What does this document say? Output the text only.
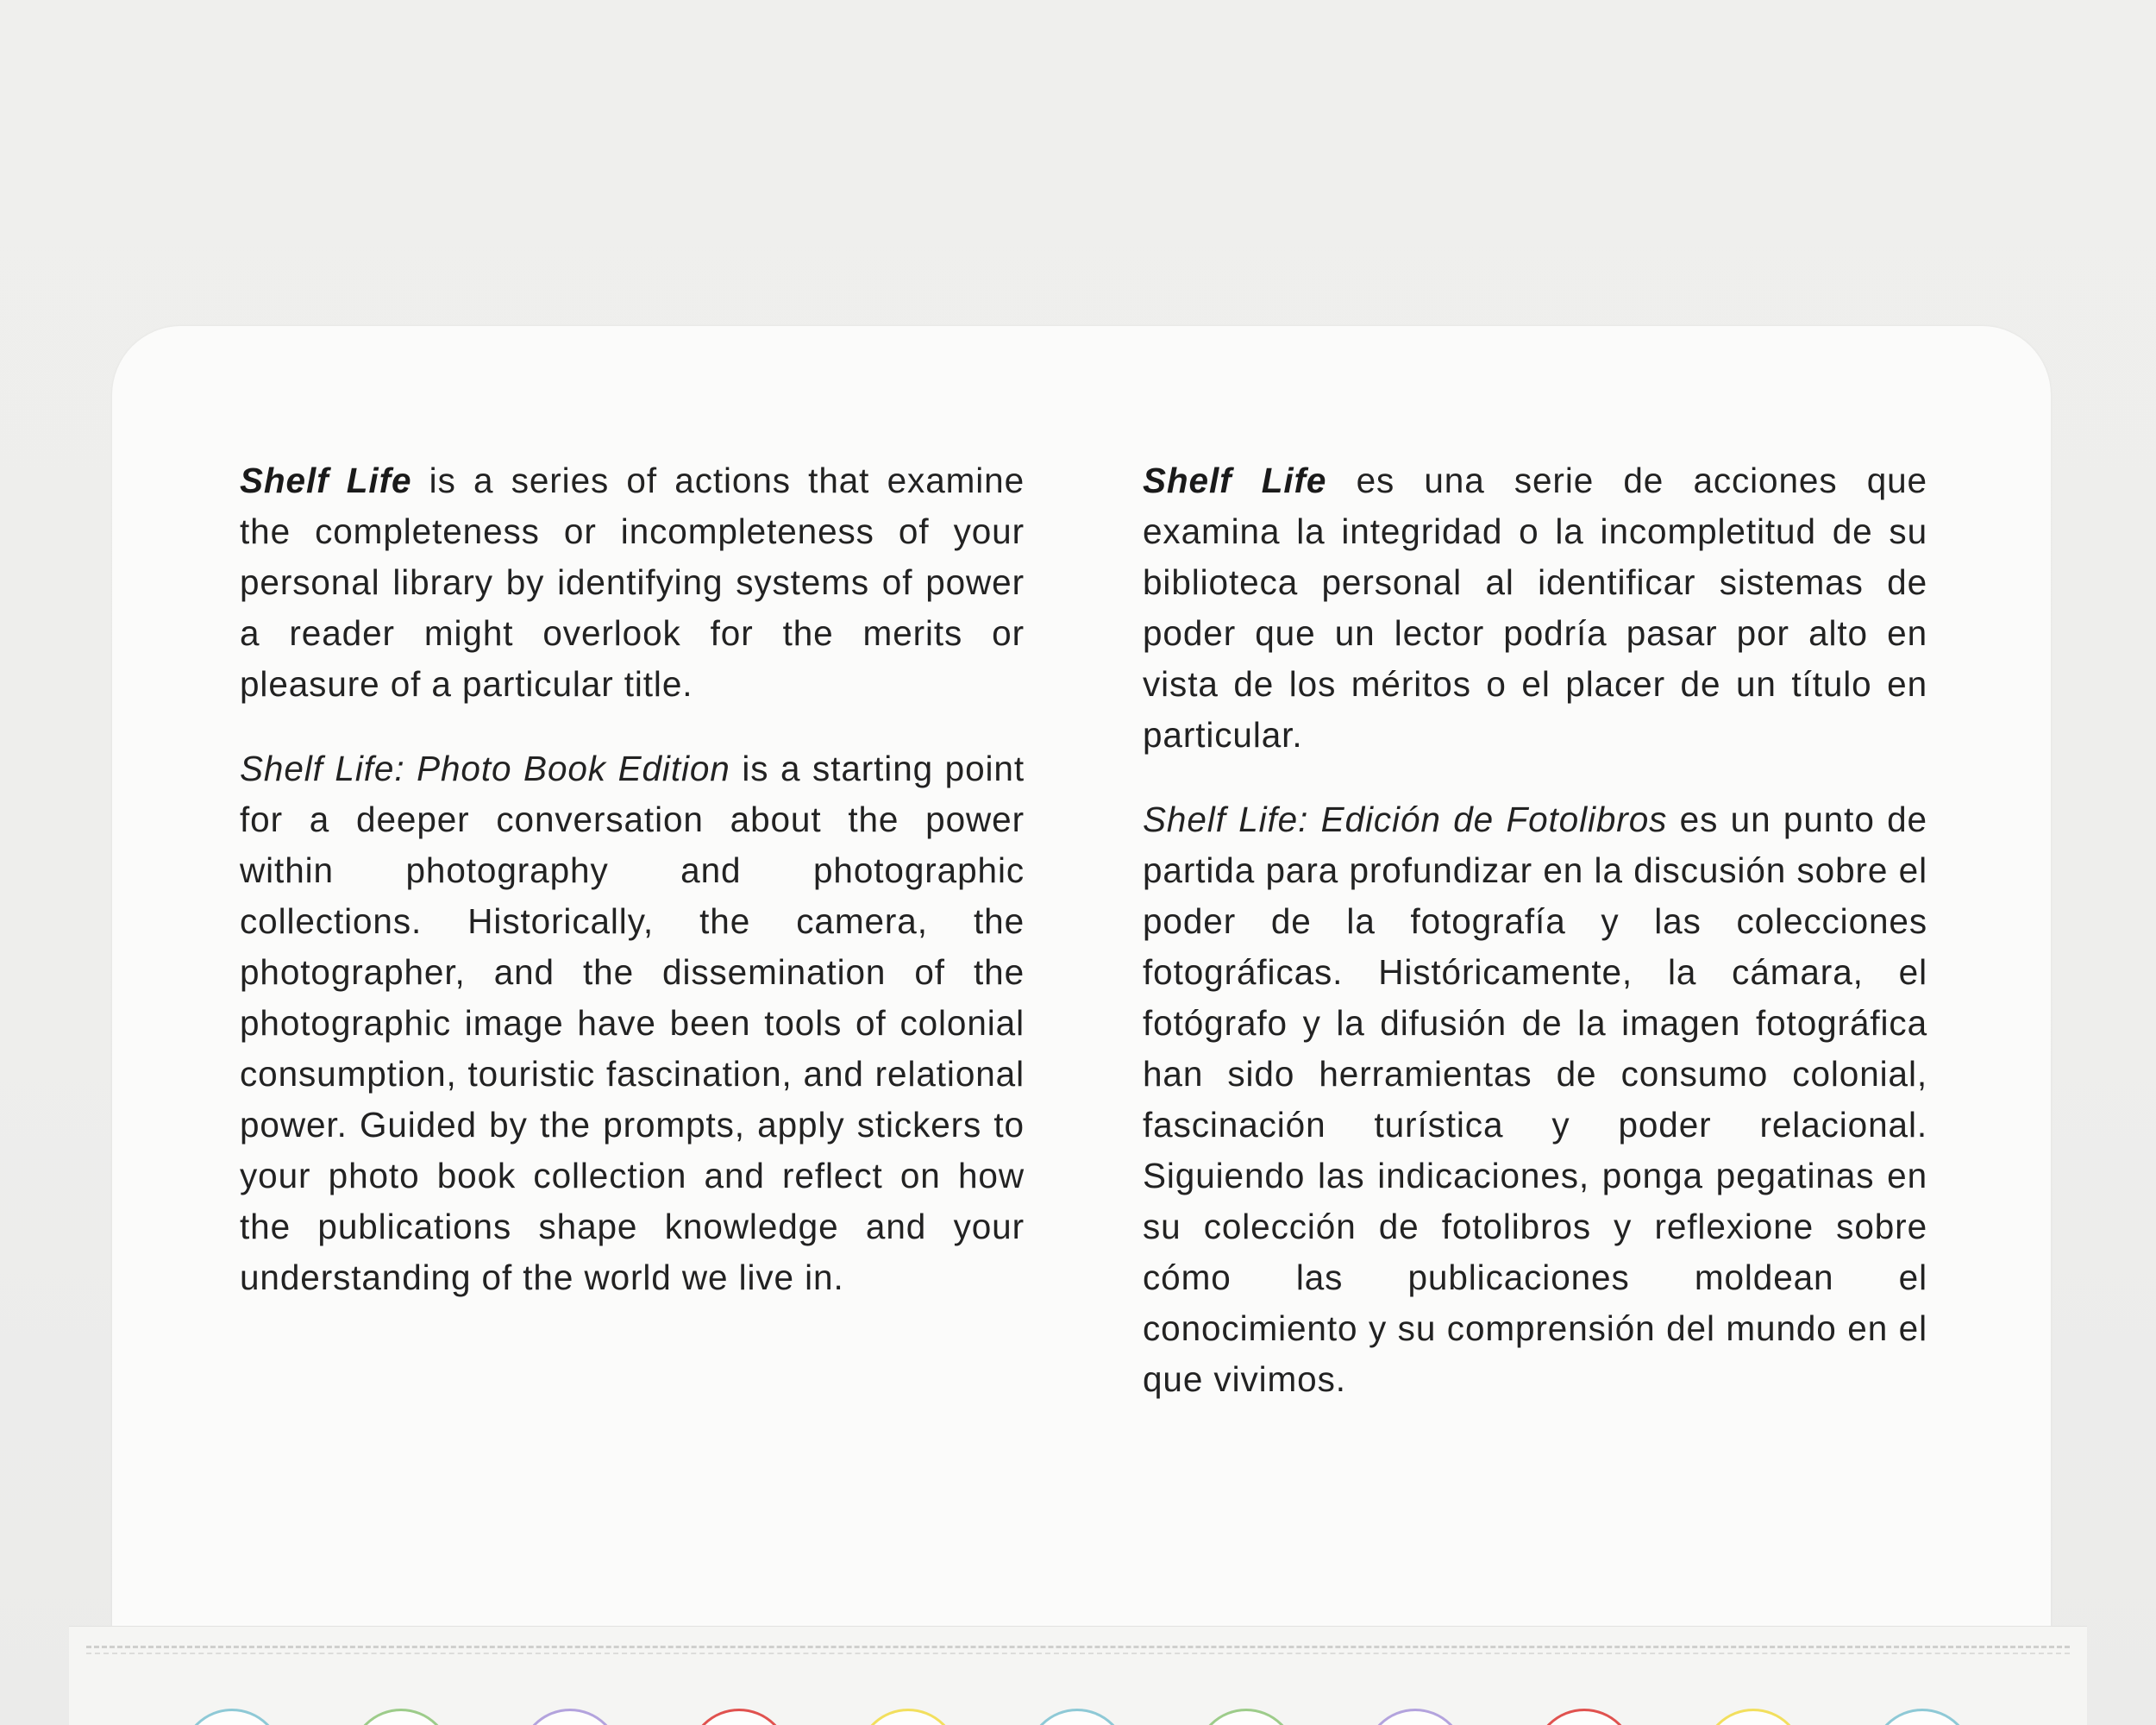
Shelf Life is a series of actions that examine the completeness or incompleteness of your personal library by identifying systems of power a reader might overlook for the merits or pleasure of a particular title.

Shelf Life: Photo Book Edition is a starting point for a deeper conversation about the power within photography and photographic collections. Historically, the camera, the photographer, and the dissemination of the photographic image have been tools of colonial consumption, touristic fascination, and relational power. Guided by the prompts, apply stickers to your photo book collection and reflect on how the publications shape knowledge and your understanding of the world we live in.

Shelf Life es una serie de acciones que examina la integridad o la incompletitud de su biblioteca personal al identificar sistemas de poder que un lector podría pasar por alto en vista de los méritos o el placer de un título en particular.

Shelf Life: Edición de Fotolibros es un punto de partida para profundizar en la discusión sobre el poder de la fotografía y las colecciones fotográficas. Históricamente, la cámara, el fotógrafo y la difusión de la imagen fotográfica han sido herramientas de consumo colonial, fascinación turística y poder relacional. Siguiendo las indicaciones, ponga pegatinas en su colección de fotolibros y reflexione sobre cómo las publicaciones moldean el conocimiento y su comprensión del mundo en el que vivimos.
